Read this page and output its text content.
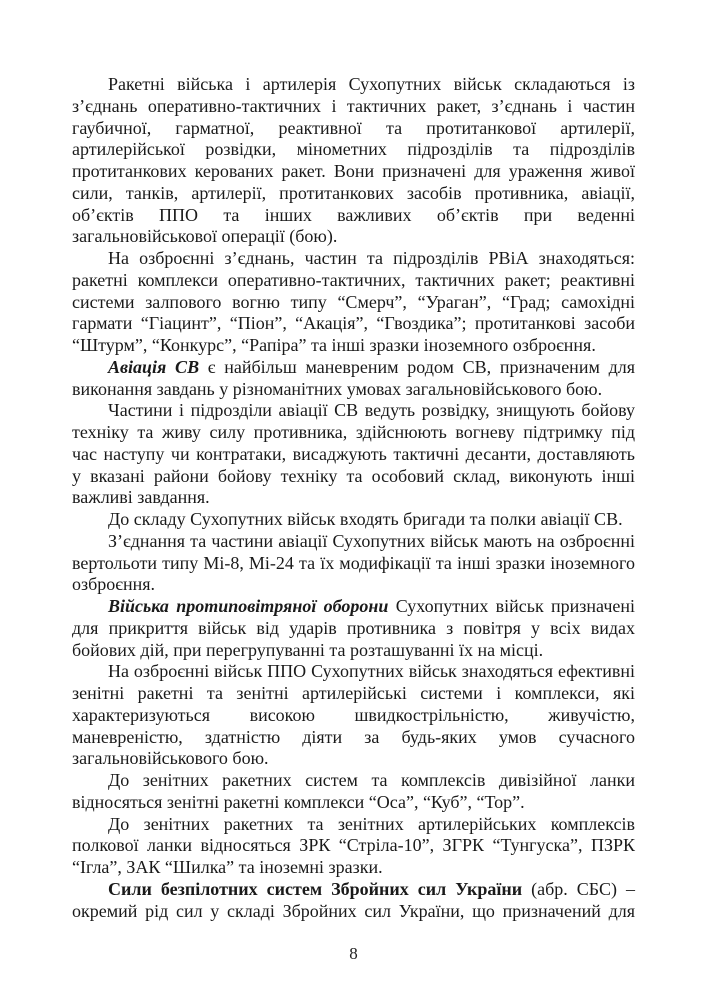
Ракетні війська і артилерія Сухопутних військ складаються із
з’єднань оперативно-тактичних і тактичних ракет, з’єднань і частин
гаубичної, гарматної, реактивної та протитанкової артилерії,
артилерійської розвідки, мінометних підрозділів та підрозділів
протитанкових керованих ракет. Вони призначені для ураження живої
сили, танків, артилерії, протитанкових засобів противника, авіації,
об’єктів ППО та інших важливих об’єктів при веденні
загальновійськової операції (бою).
На озброєнні з’єднань, частин та підрозділів РВіА знаходяться:
ракетні комплекси оперативно-тактичних, тактичних ракет; реактивні
системи залпового вогню типу “Смерч”, “Ураган”, “Град; самохідні
гармати “Гіацинт”, “Піон”, “Акація”, “Гвоздика”; протитанкові засоби
“Штурм”, “Конкурс”, “Рапіра” та інші зразки іноземного озброєння.
Авіація СВ є найбільш маневреним родом СВ, призначеним для
виконання завдань у різноманітних умовах загальновійськового бою.
Частини і підрозділи авіації СВ ведуть розвідку, знищують бойову
техніку та живу силу противника, здійснюють вогневу підтримку під
час наступу чи контратаки, висаджують тактичні десанти, доставляють
у вказані райони бойову техніку та особовий склад, виконують інші
важливі завдання.
До складу Сухопутних військ входять бригади та полки авіації СВ.
З’єднання та частини авіації Сухопутних військ мають на озброєнні
вертольоти типу Мі-8, Мі-24 та їх модифікації та інші зразки іноземного
озброєння.
Війська протиповітряної оборони Сухопутних військ призначені
для прикриття військ від ударів противника з повітря у всіх видах
бойових дій, при перегрупуванні та розташуванні їх на місці.
На озброєнні військ ППО Сухопутних військ знаходяться ефективні
зенітні ракетні та зенітні артилерійські системи і комплекси, які
характеризуються високою швидкострільністю, живучістю,
маневреністю, здатністю діяти за будь-яких умов сучасного
загальновійськового бою.
До зенітних ракетних систем та комплексів дивізійної ланки
відносяться зенітні ракетні комплекси “Оса”, “Куб”, “Тор”.
До зенітних ракетних та зенітних артилерійських комплексів
полкової ланки відносяться ЗРК “Стріла-10”, ЗГРК “Тунгуска”, ПЗРК
“Ігла”, ЗАК “Шилка” та іноземні зразки.
Сили безпілотних систем Збройних сил України (абр. СБС) –
окремий рід сил у складі Збройних сил України, що призначений для
8
